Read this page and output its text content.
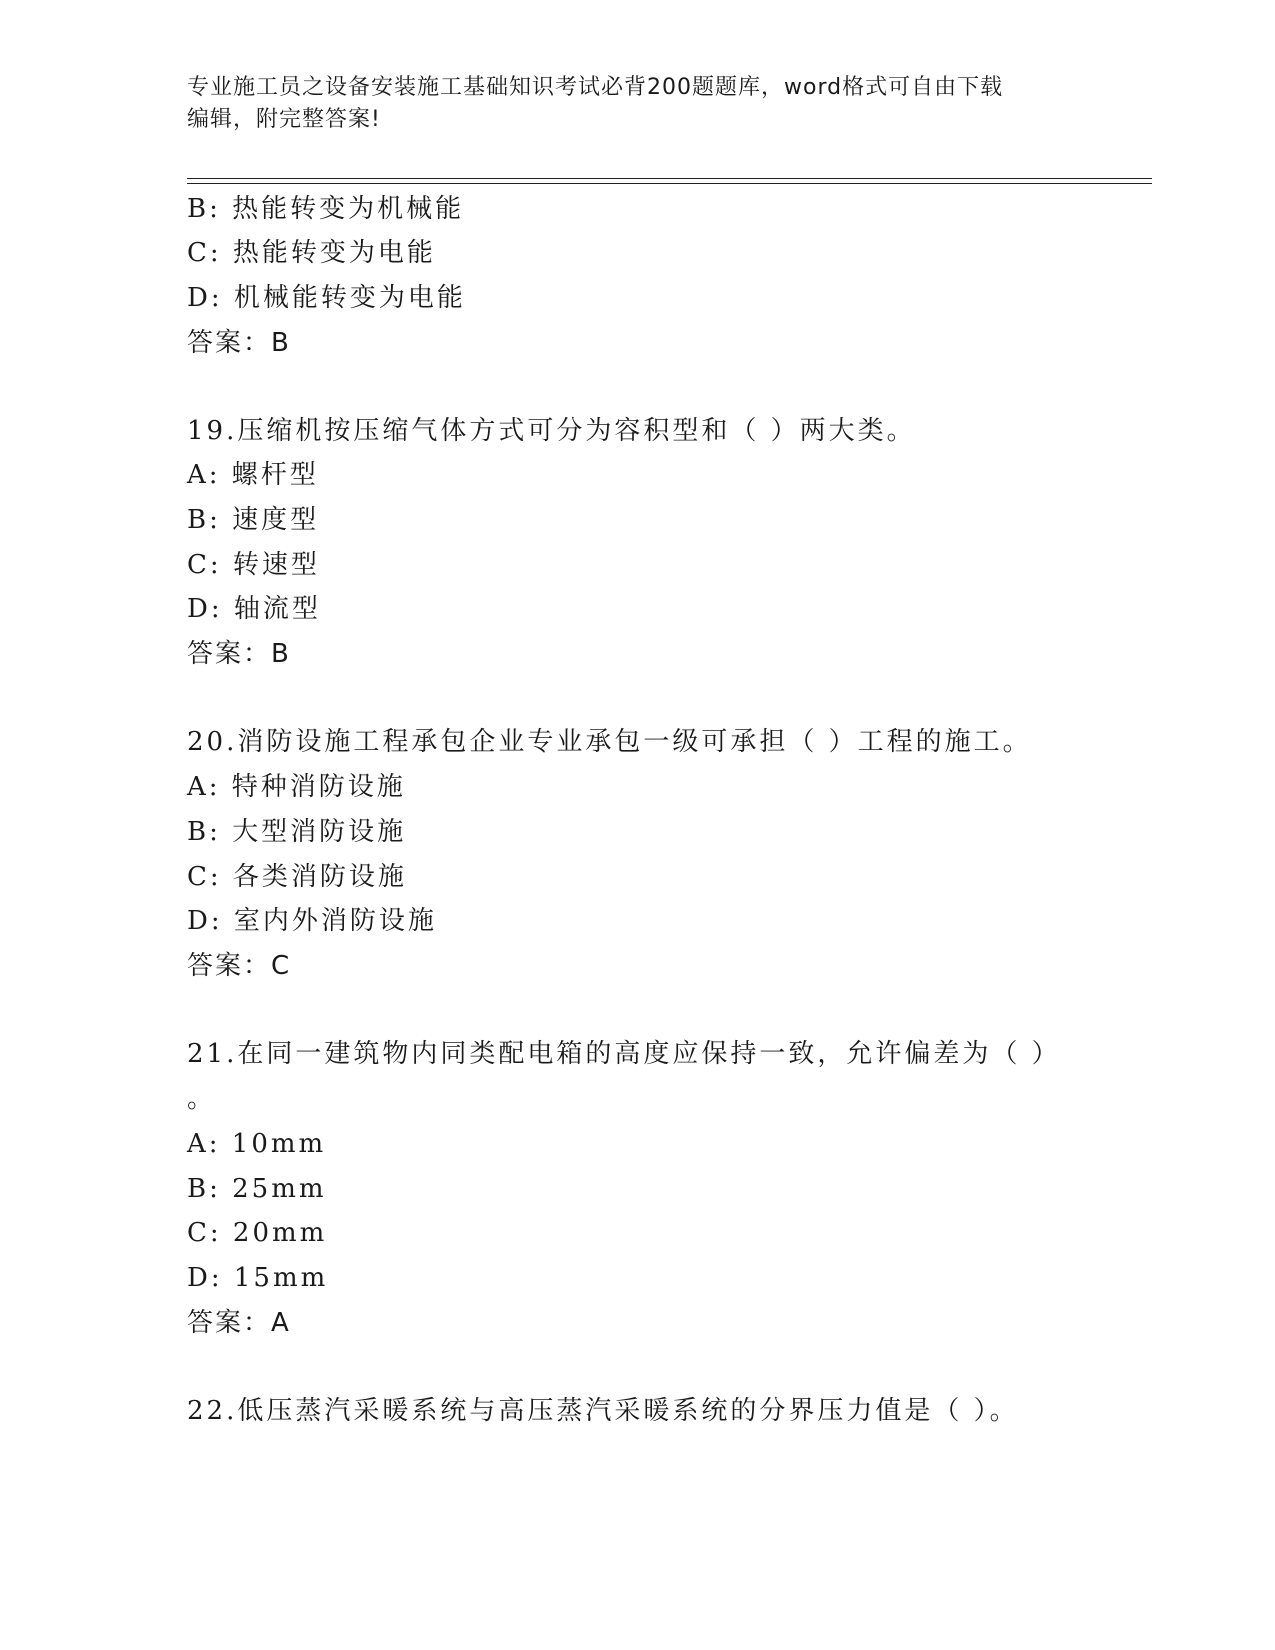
专业施工员之设备安装施工基础知识考试必背200题题库，word格式可自由下载
编辑，附完整答案!
B: 热能转变为机械能
C: 热能转变为电能
D: 机械能转变为电能
答案：B
19.压缩机按压缩气体方式可分为容积型和（ ）两大类。
A: 螺杆型
B: 速度型
C: 转速型
D: 轴流型
答案：B
20.消防设施工程承包企业专业承包一级可承担（ ）工程的施工。
A: 特种消防设施
B: 大型消防设施
C: 各类消防设施
D: 室内外消防设施
答案：C
21.在同一建筑物内同类配电箱的高度应保持一致，允许偏差为（ ）
。
A: 10mm
B: 25mm
C: 20mm
D: 15mm
答案：A
22.低压蒸汽采暖系统与高压蒸汽采暖系统的分界压力值是（ ）。
